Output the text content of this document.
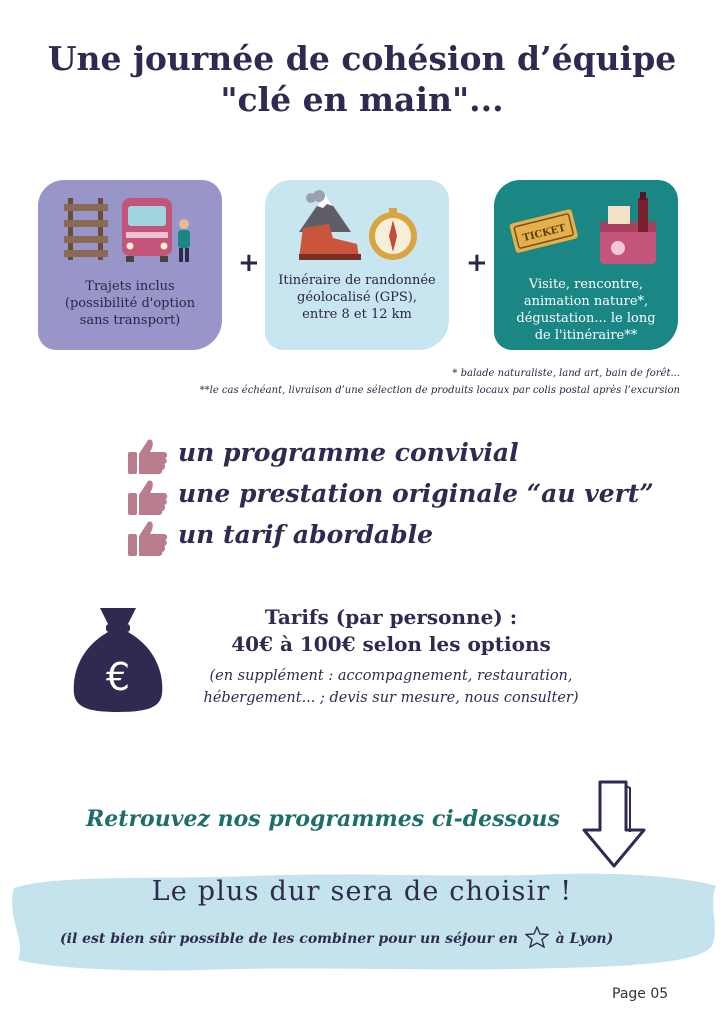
Une journée de cohésion d’équipe
"clé en main"...
Trajets inclus
(possibilité d'option
sans transport)
+
Itinéraire de randonnée
géolocalisé (GPS),
entre 8 et 12 km
+
TICKET
Visite, rencontre,
animation nature*,
dégustation... le long
de l'itinéraire**
* balade naturaliste, land art, bain de forêt...
**le cas échéant, livraison d’une sélection de produits locaux par colis postal après l’excursion
un programme convivial
une prestation originale “au vert”
un tarif abordable
€
Tarifs (par personne) :
40€ à 100€ selon les options
(en supplément : accompagnement, restauration,
hébergement... ; devis sur mesure, nous consulter)
Retrouvez nos programmes ci-dessous
Le plus dur sera de choisir !
(il est bien sûr possible de les combiner pour un séjour en	à Lyon)
Page 05
